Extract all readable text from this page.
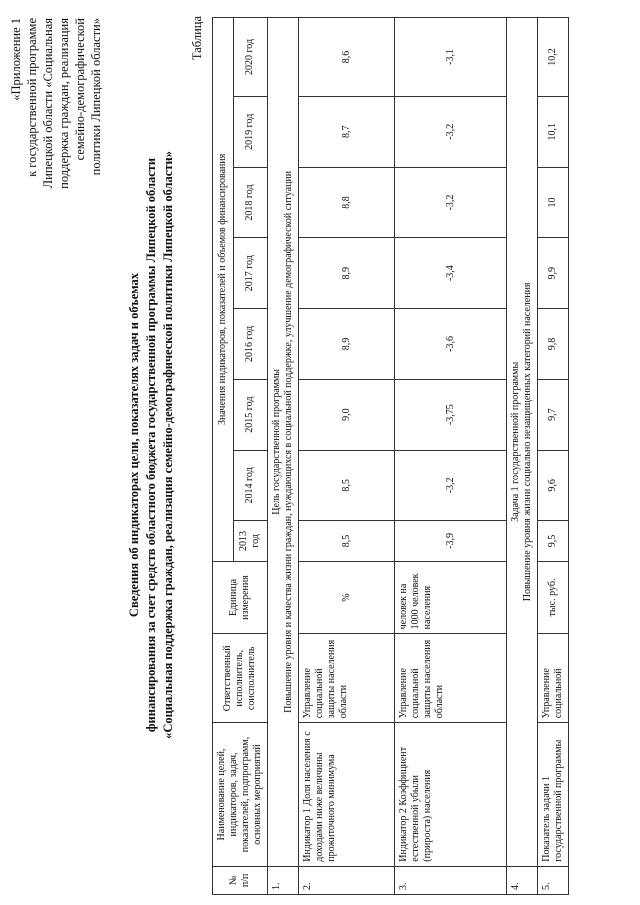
«Приложение 1 к государственной программе Липецкой области «Социальная поддержка граждан, реализация семейно-демографической политики Липецкой области»
Сведения об индикаторах цели, показателях задач и объемах финансирования за счет средств областного бюджета государственной программы Липецкой области «Социальная поддержка граждан, реализация семейно-демографической политики Липецкой области»
Таблица
№ п/п	Наименование целей, индикаторов, задач, показателей, подпрограмм, основных мероприятий	Ответственный исполнитель, соисполнитель	Единица измерения	Значения индикаторов, показателей и объемов финансирования							
				2013 год	2014 год	2015 год	2016 год	2017 год	2018 год	2019 год	2020 год
1.	Цель государственной программы Повышение уровня и качества жизни граждан, нуждающихся в социальной поддержке, улучшение демографической ситуации										

2.	Индикатор 1 Доля населения с доходами ниже величины прожиточного минимума	Управление социальной защиты населения области	%	8,5	8,5	9,0	8,9	8,9	8,8	8,7	8,6
3.	Индикатор 2 Коэффициент естественной убыли (прироста) населения	Управление социальной защиты населения области	человек на 1000 человек населения	-3,9	-3,2	-3,75	-3,6	-3,4	-3,2	-3,2	-3,1
4.	Задача 1 государственной программы Повышение уровня жизни социально незащищенных категорий населения										

5.	Показатель задачи 1 государственной программы	Управление социальной	тыс. руб.	9,5	9,6	9,7	9,8	9,9	10	10,1	10,2
